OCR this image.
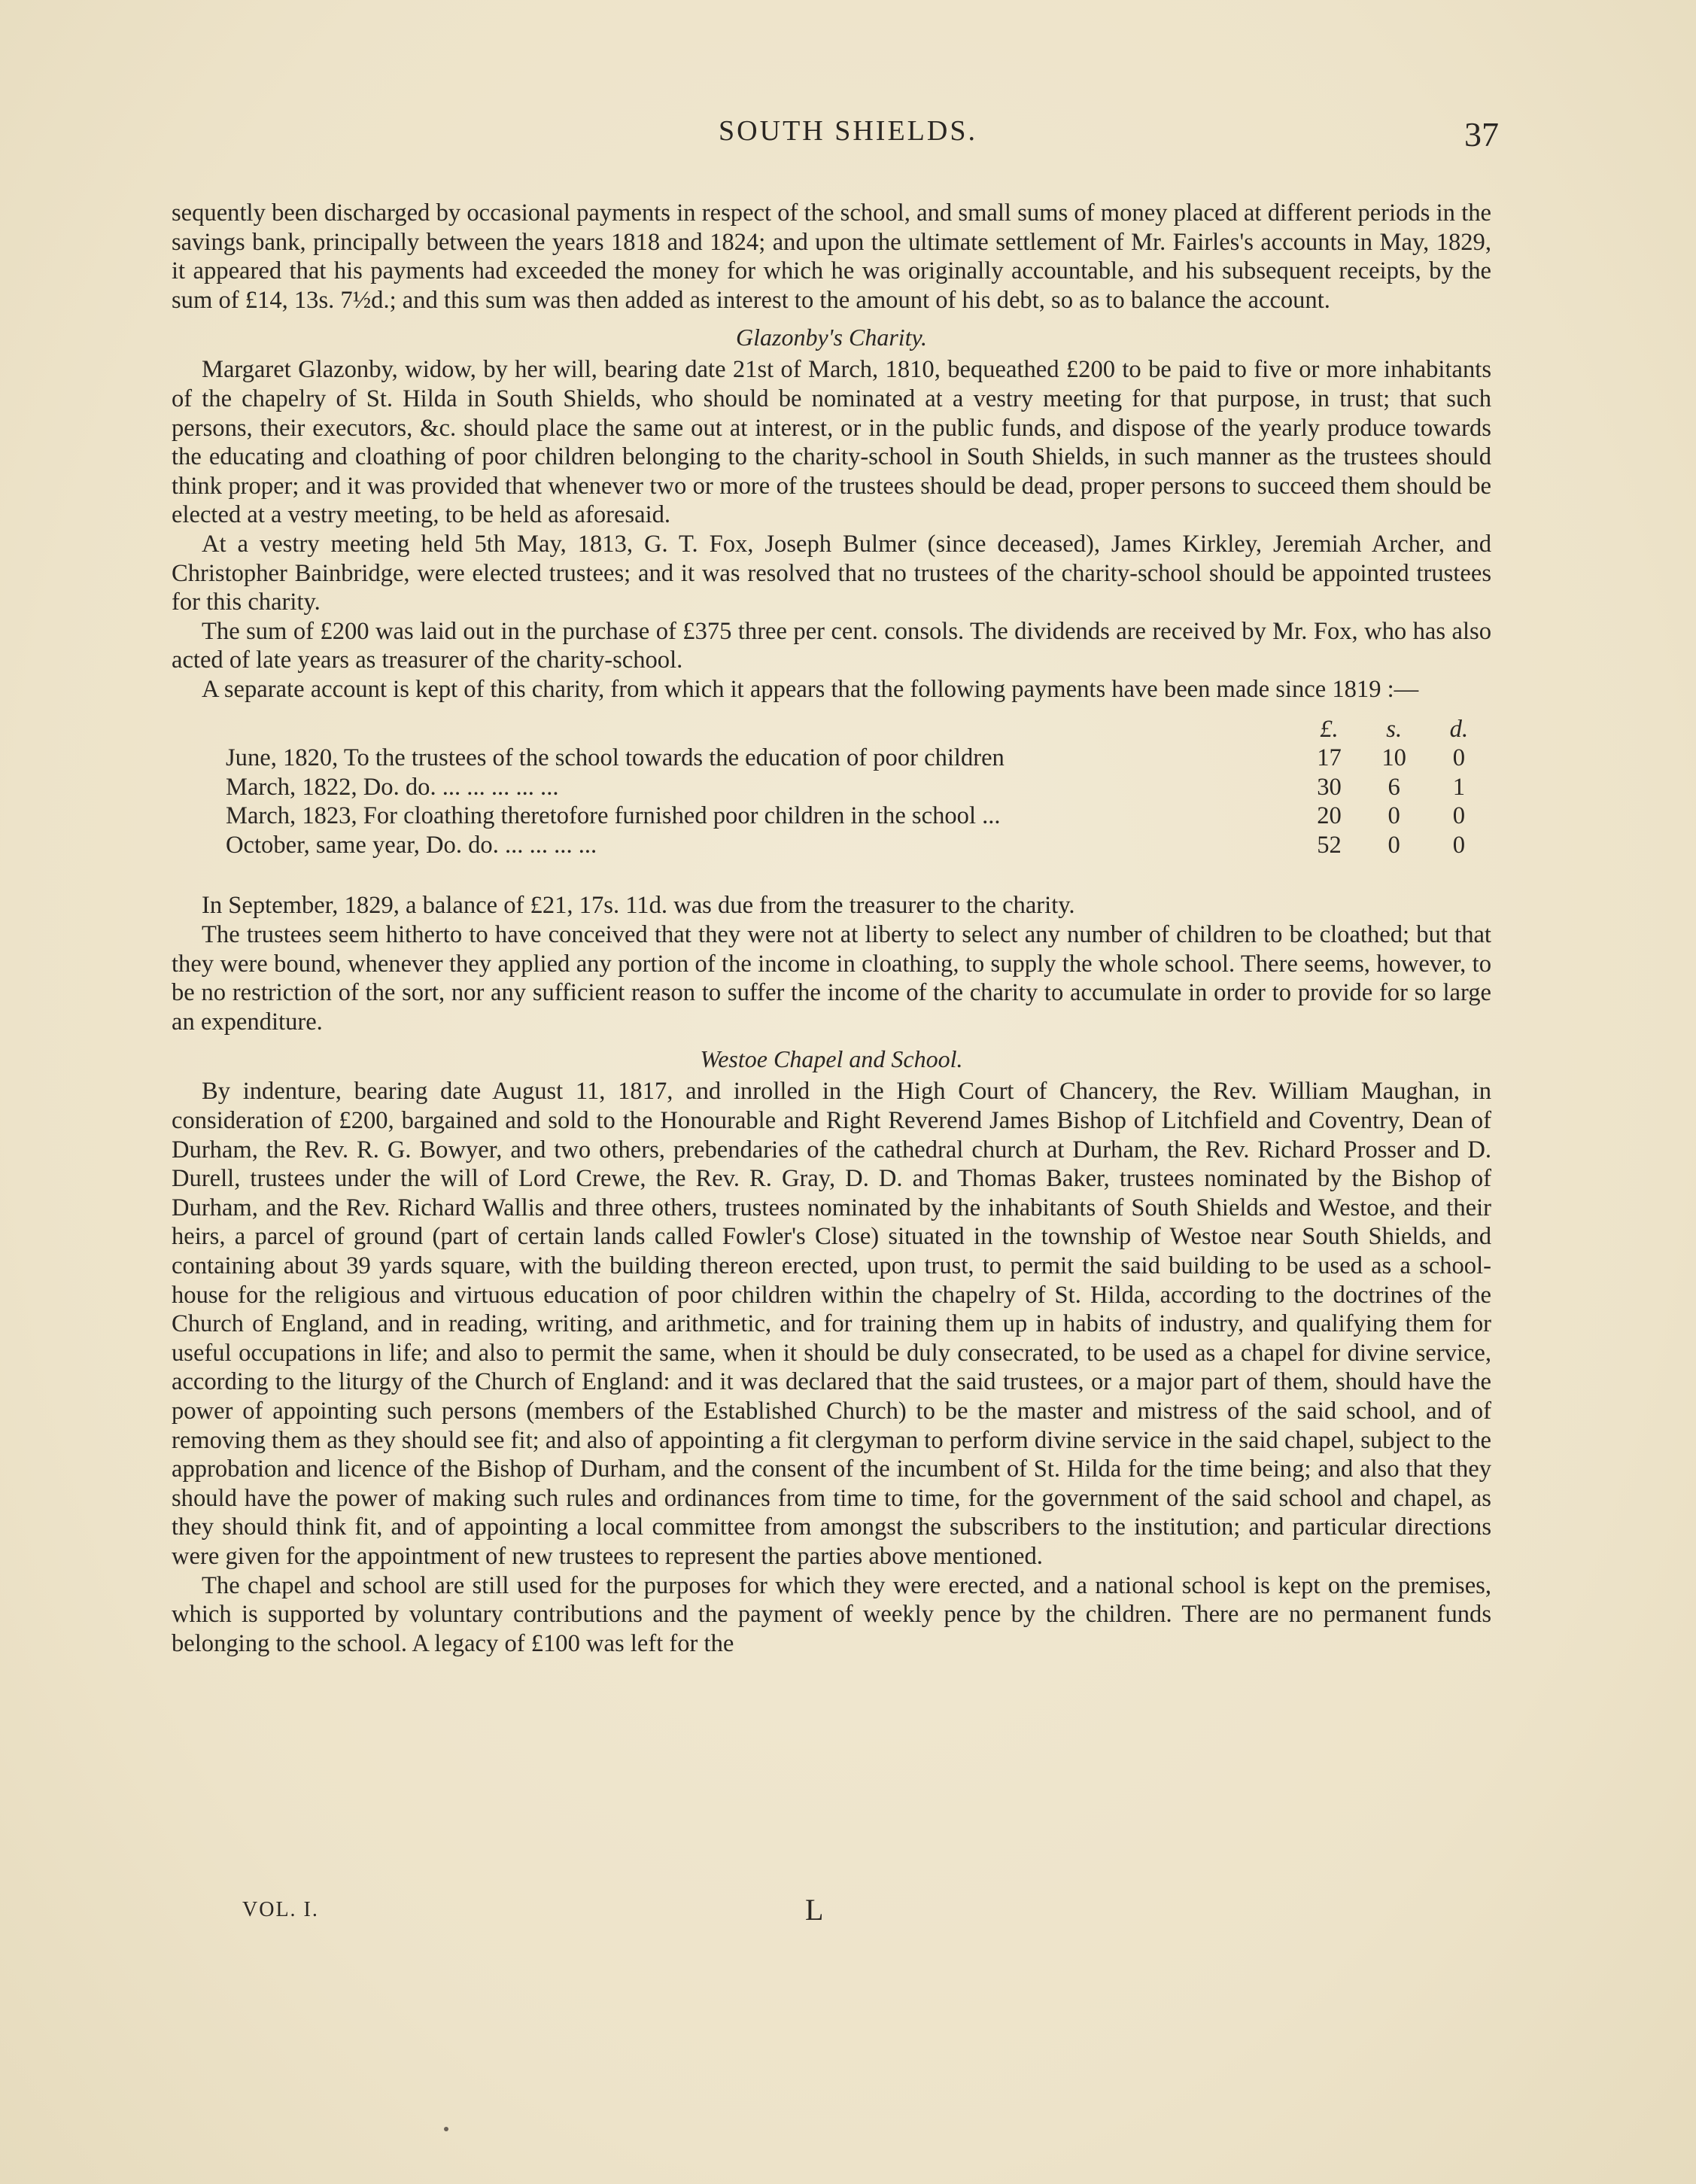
SOUTH SHIELDS.	37

sequently been discharged by occasional payments in respect of the school, and small sums of money placed at different periods in the savings bank, principally between the years 1818 and 1824; and upon the ultimate settlement of Mr. Fairles's accounts in May, 1829, it appeared that his payments had exceeded the money for which he was originally accountable, and his subsequent receipts, by the sum of £14, 13s. 7½d.; and this sum was then added as interest to the amount of his debt, so as to balance the account.

Glazonby's Charity.

Margaret Glazonby, widow, by her will, bearing date 21st of March, 1810, bequeathed £200 to be paid to five or more inhabitants of the chapelry of St. Hilda in South Shields, who should be nominated at a vestry meeting for that purpose, in trust; that such persons, their executors, &c. should place the same out at interest, or in the public funds, and dispose of the yearly produce towards the educating and cloathing of poor children belonging to the charity-school in South Shields, in such manner as the trustees should think proper; and it was provided that whenever two or more of the trustees should be dead, proper persons to succeed them should be elected at a vestry meeting, to be held as aforesaid.

At a vestry meeting held 5th May, 1813, G. T. Fox, Joseph Bulmer (since deceased), James Kirkley, Jeremiah Archer, and Christopher Bainbridge, were elected trustees; and it was resolved that no trustees of the charity-school should be appointed trustees for this charity.

The sum of £200 was laid out in the purchase of £375 three per cent. consols. The dividends are received by Mr. Fox, who has also acted of late years as treasurer of the charity-school.

A separate account is kept of this charity, from which it appears that the following payments have been made since 1819 :—

	£.	s.	d.
June, 1820, To the trustees of the school towards the education of poor children	17	10	0
March, 1822, Do. do. ... ... ... ... ...	30	6	1
March, 1823, For cloathing theretofore furnished poor children in the school ...	20	0	0
October, same year, Do. do. ... ... ... ...	52	0	0

In September, 1829, a balance of £21, 17s. 11d. was due from the treasurer to the charity.

The trustees seem hitherto to have conceived that they were not at liberty to select any number of children to be cloathed; but that they were bound, whenever they applied any portion of the income in cloathing, to supply the whole school. There seems, however, to be no restriction of the sort, nor any sufficient reason to suffer the income of the charity to accumulate in order to provide for so large an expenditure.

Westoe Chapel and School.

By indenture, bearing date August 11, 1817, and inrolled in the High Court of Chancery, the Rev. William Maughan, in consideration of £200, bargained and sold to the Honourable and Right Reverend James Bishop of Litchfield and Coventry, Dean of Durham, the Rev. R. G. Bowyer, and two others, prebendaries of the cathedral church at Durham, the Rev. Richard Prosser and D. Durell, trustees under the will of Lord Crewe, the Rev. R. Gray, D. D. and Thomas Baker, trustees nominated by the Bishop of Durham, and the Rev. Richard Wallis and three others, trustees nominated by the inhabitants of South Shields and Westoe, and their heirs, a parcel of ground (part of certain lands called Fowler's Close) situated in the township of Westoe near South Shields, and containing about 39 yards square, with the building thereon erected, upon trust, to permit the said building to be used as a school-house for the religious and virtuous education of poor children within the chapelry of St. Hilda, according to the doctrines of the Church of England, and in reading, writing, and arithmetic, and for training them up in habits of industry, and qualifying them for useful occupations in life; and also to permit the same, when it should be duly consecrated, to be used as a chapel for divine service, according to the liturgy of the Church of England: and it was declared that the said trustees, or a major part of them, should have the power of appointing such persons (members of the Established Church) to be the master and mistress of the said school, and of removing them as they should see fit; and also of appointing a fit clergyman to perform divine service in the said chapel, subject to the approbation and licence of the Bishop of Durham, and the consent of the incumbent of St. Hilda for the time being; and also that they should have the power of making such rules and ordinances from time to time, for the government of the said school and chapel, as they should think fit, and of appointing a local committee from amongst the subscribers to the institution; and particular directions were given for the appointment of new trustees to represent the parties above mentioned.

The chapel and school are still used for the purposes for which they were erected, and a national school is kept on the premises, which is supported by voluntary contributions and the payment of weekly pence by the children. There are no permanent funds belonging to the school. A legacy of £100 was left for the

VOL. I.	L
